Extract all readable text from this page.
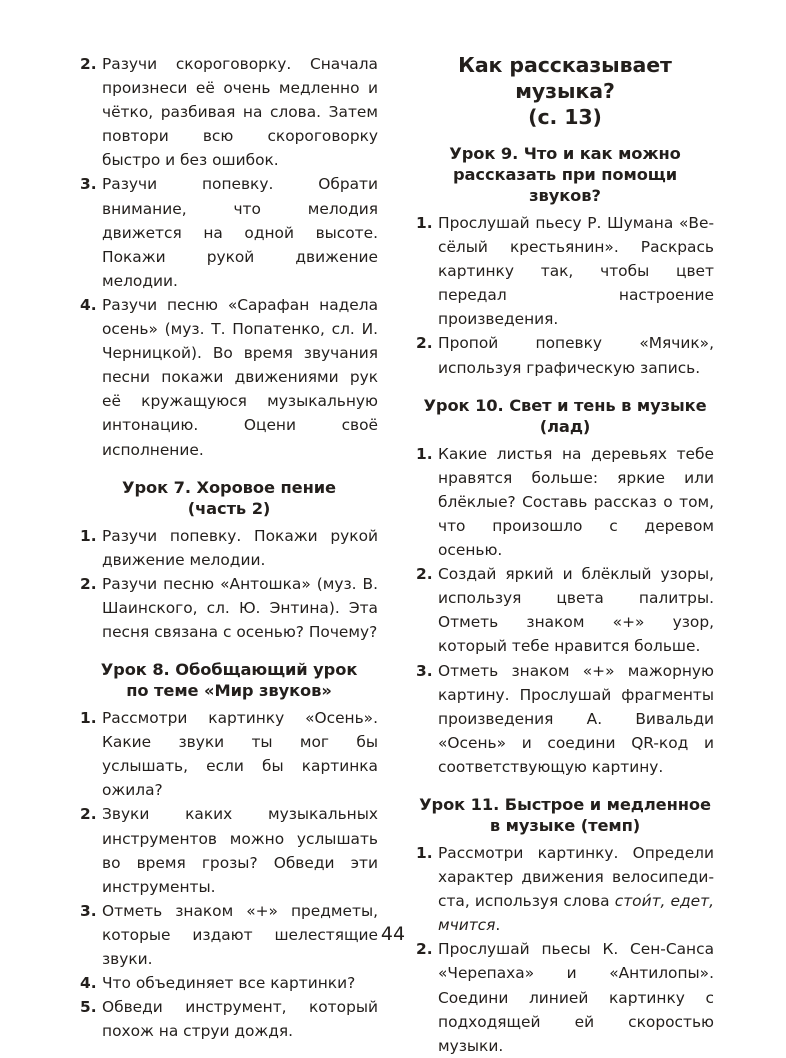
2. Разучи скороговорку. Сначала произнеси её очень медленно и чётко, разбивая на слова. Затем повтори всю скороговорку быстро и без ошибок.
3. Разучи попевку. Обрати внимание, что мелодия движется на одной высоте. Покажи рукой движение мелодии.
4. Разучи песню «Сарафан надела осень» (муз. Т. Попатенко, сл. И. Черницкой). Во время звучания песни покажи движениями рук её кружащуюся музыкальную интонацию. Оцени своё исполнение.
Урок 7. Хоровое пение
(часть 2)
1. Разучи попевку. Покажи рукой движение мелодии.
2. Разучи песню «Антошка» (муз. В. Шаинского, сл. Ю. Энтина). Эта песня связана с осенью? Почему?
Урок 8. Обобщающий урок
по теме «Мир звуков»
1. Рассмотри картинку «Осень». Какие звуки ты мог бы услышать, если бы картинка ожила?
2. Звуки каких музыкальных инструментов можно услышать во время грозы? Обведи эти инструменты.
3. Отметь знаком «+» предметы, которые издают шелестящие звуки.
4. Что объединяет все картинки?
5. Обведи инструмент, который похож на струи дождя.
Как рассказывает музыка?
(с. 13)
Урок 9. Что и как можно
рассказать при помощи звуков?
1. Прослушай пьесу Р. Шумана «Весёлый крестьянин». Раскрась картинку так, чтобы цвет передал настроение произведения.
2. Пропой попевку «Мячик», используя графическую запись.
Урок 10. Свет и тень в музыке
(лад)
1. Какие листья на деревьях тебе нравятся больше: яркие или блёклые? Составь рассказ о том, что произошло с деревом осенью.
2. Создай яркий и блёклый узоры, используя цвета палитры. Отметь знаком «+» узор, который тебе нравится больше.
3. Отметь знаком «+» мажорную картину. Прослушай фрагменты произведения А. Вивальди «Осень» и соедини QR-код и соответствующую картину.
Урок 11. Быстрое и медленное
в музыке (темп)
1. Рассмотри картинку. Определи характер движения велосипедиста, используя слова стои́т, едет, мчится.
2. Прослушай пьесы К. Сен-Санса «Черепаха» и «Антилопы». Соедини линией картинку с подходящей ей скоростью музыки.
44
